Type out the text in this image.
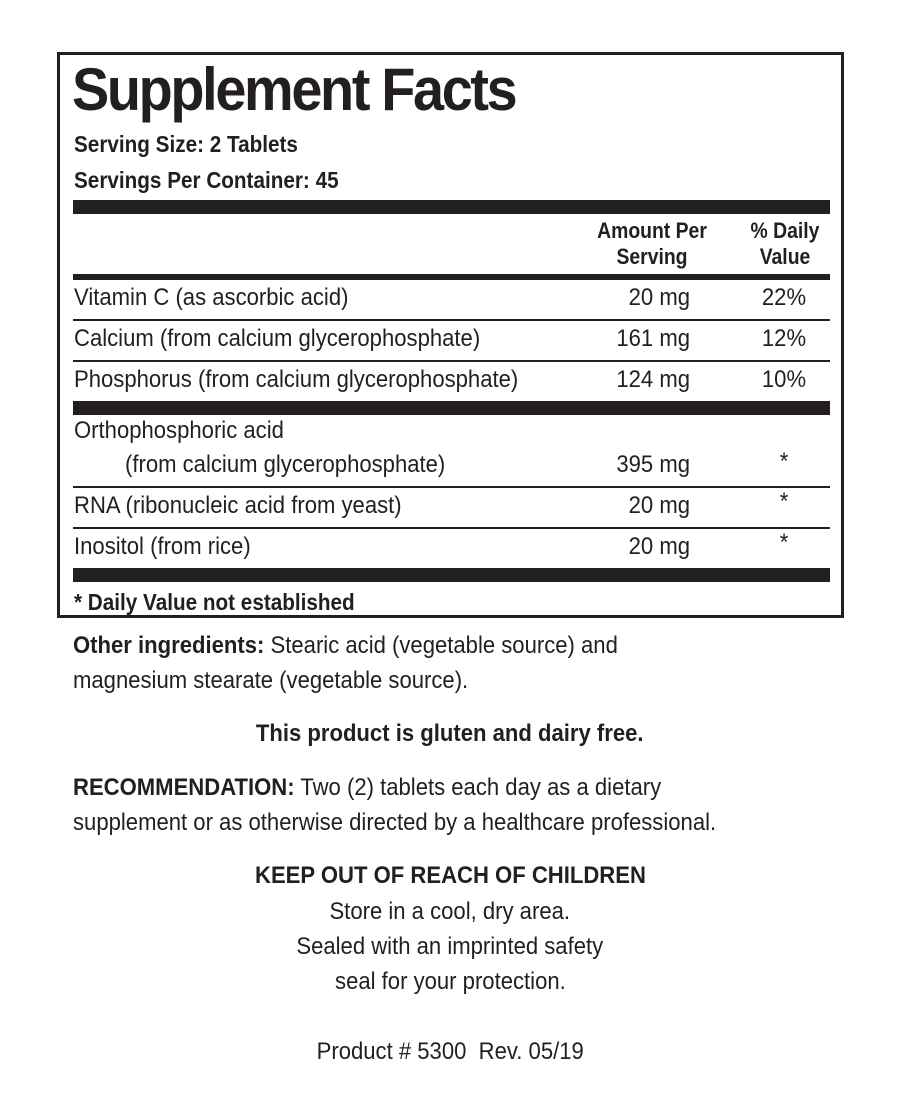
Supplement Facts
Serving Size: 2 Tablets
Servings Per Container: 45
Amount Per
Serving
% Daily
Value
Vitamin C (as ascorbic acid)	20 mg	22%
Calcium (from calcium glycerophosphate)	161 mg	12%
Phosphorus (from calcium glycerophosphate)	124 mg	10%
Orthophosphoric acid
(from calcium glycerophosphate)	395 mg	*
RNA (ribonucleic acid from yeast)	20 mg	*
Inositol (from rice)	20 mg	*
* Daily Value not established
Other ingredients: Stearic acid (vegetable source) and
magnesium stearate (vegetable source).
This product is gluten and dairy free.
RECOMMENDATION: Two (2) tablets each day as a dietary
supplement or as otherwise directed by a healthcare professional.
KEEP OUT OF REACH OF CHILDREN
Store in a cool, dry area.
Sealed with an imprinted safety
seal for your protection.
Product # 5300  Rev. 05/19
